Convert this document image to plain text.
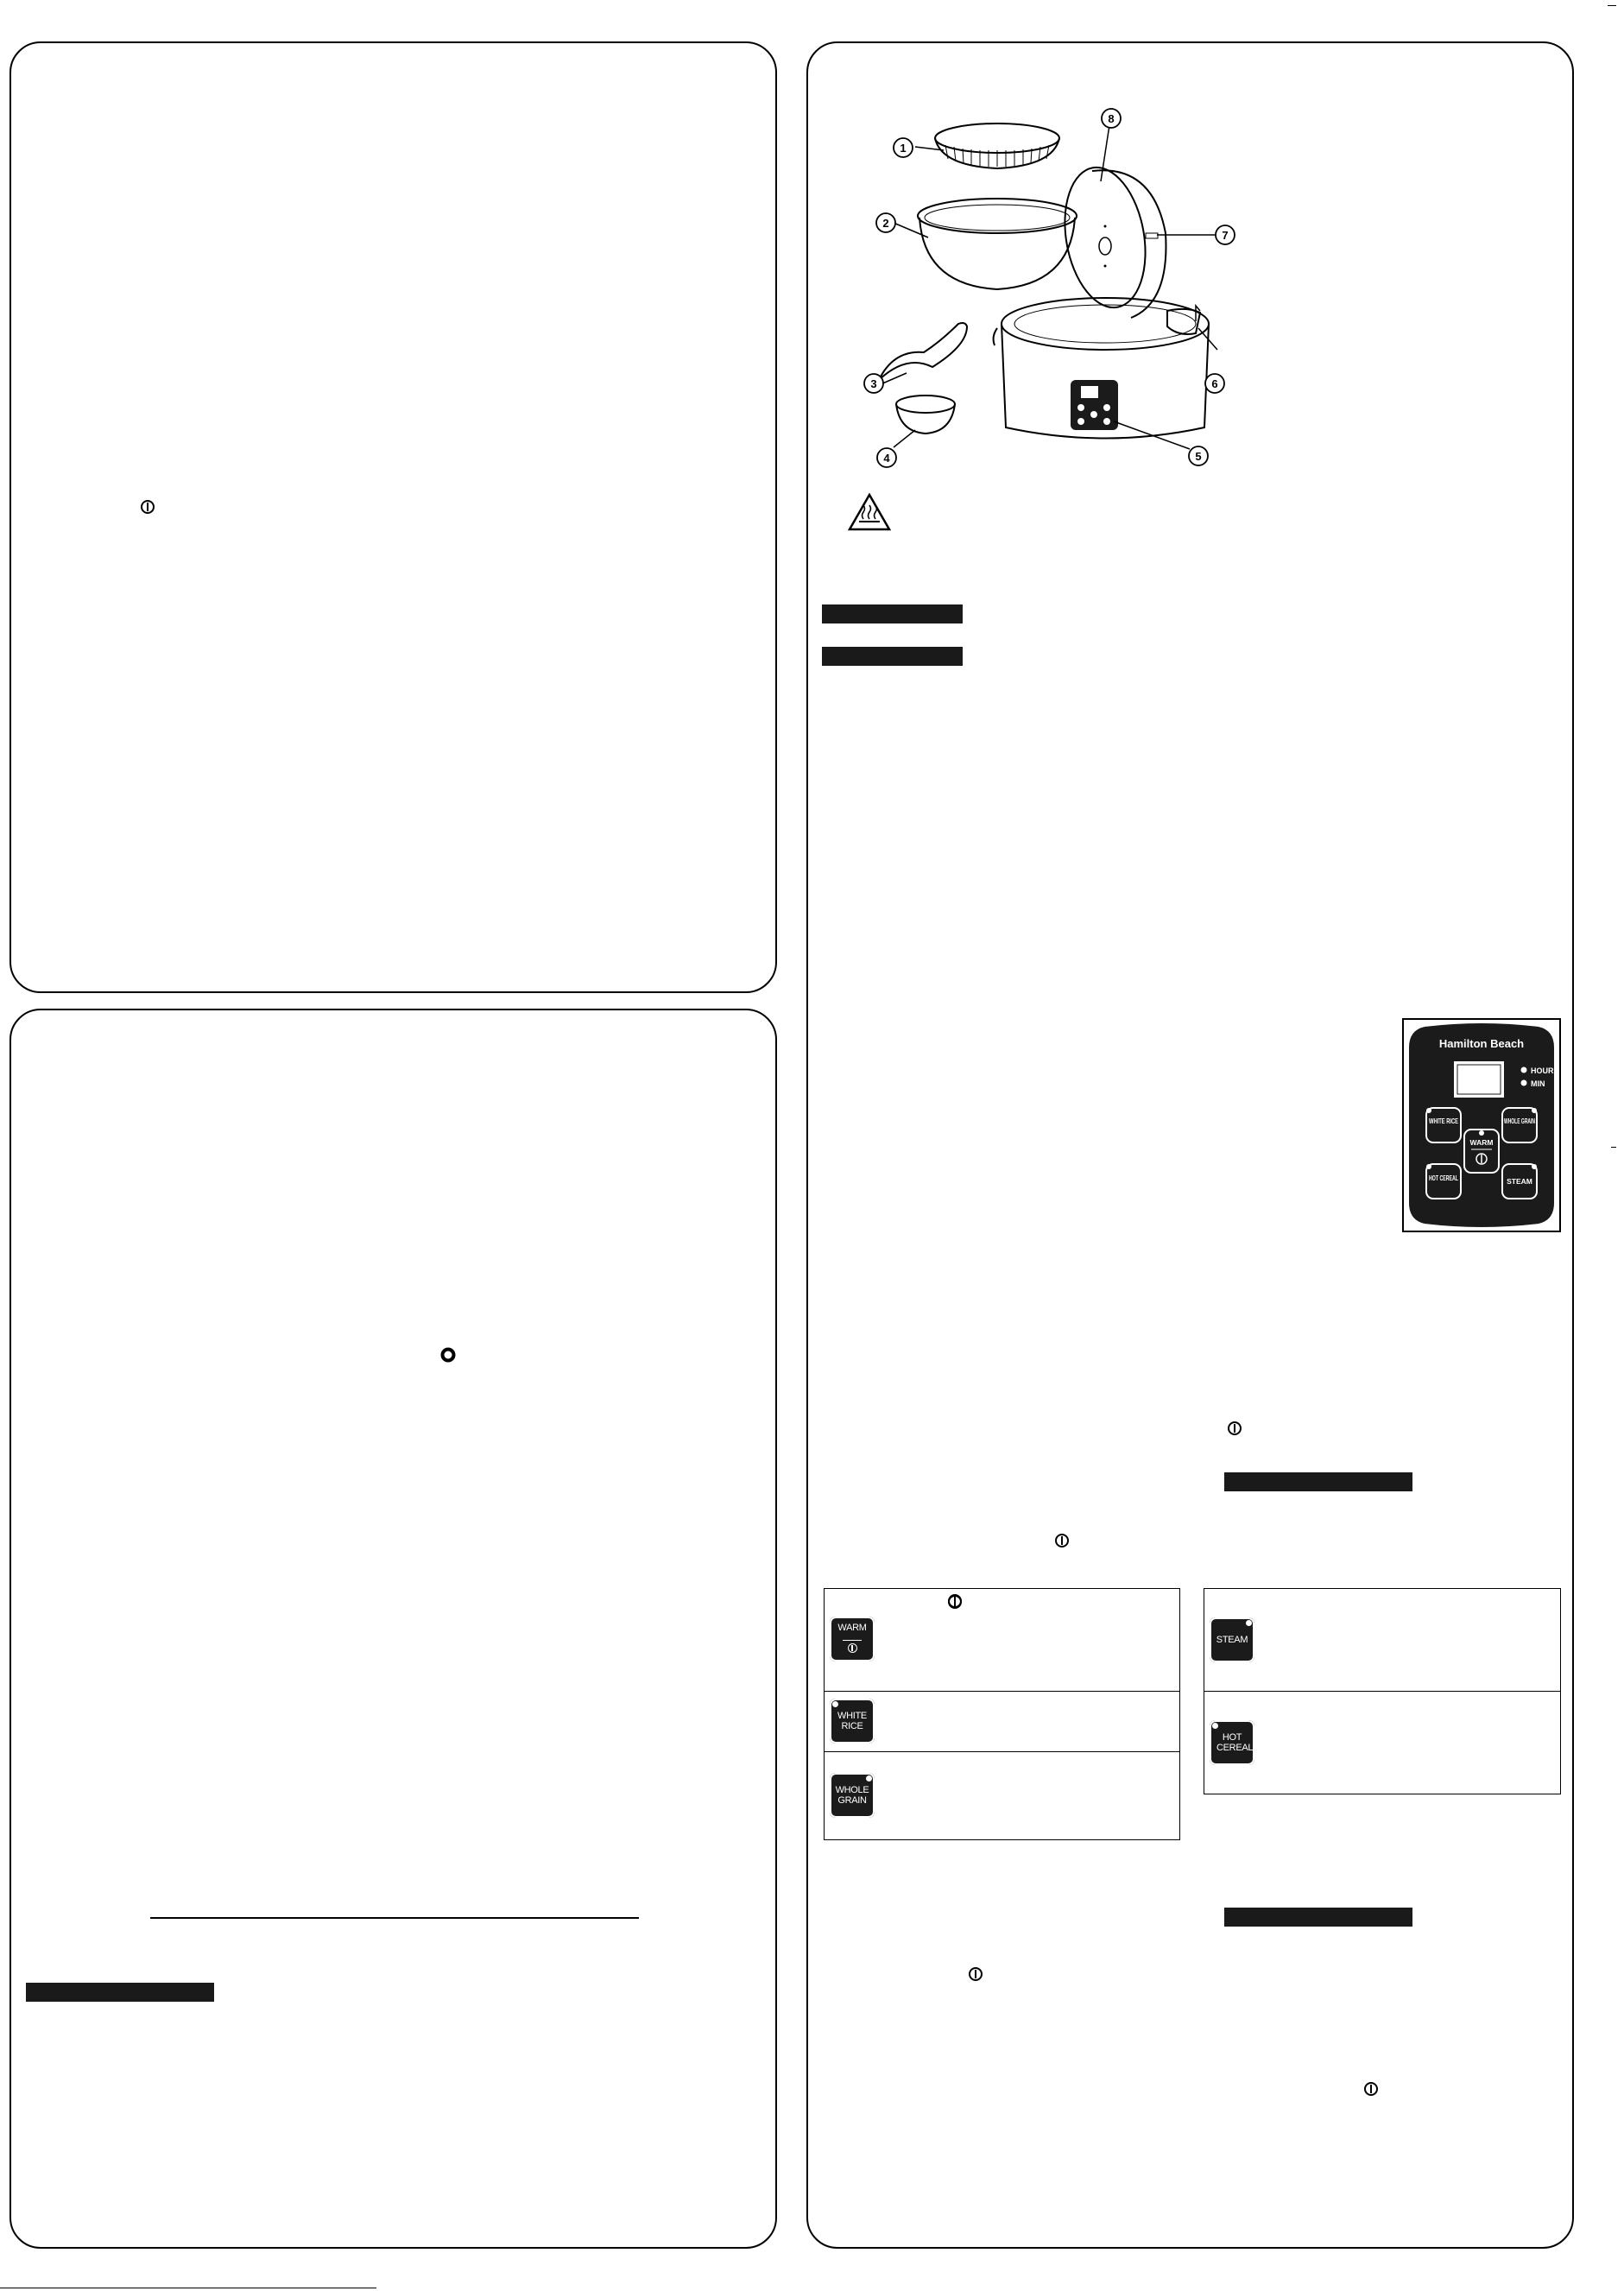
1
2
3
4	5
6
7
8
Hamilton Beach
HOUR
MIN
WHITE RICE	WHOLE GRAIN
WARM
HOT CEREAL	STEAM
WARM

WHITE RICE
WHOLE GRAIN
STEAM
HOT CEREAL
